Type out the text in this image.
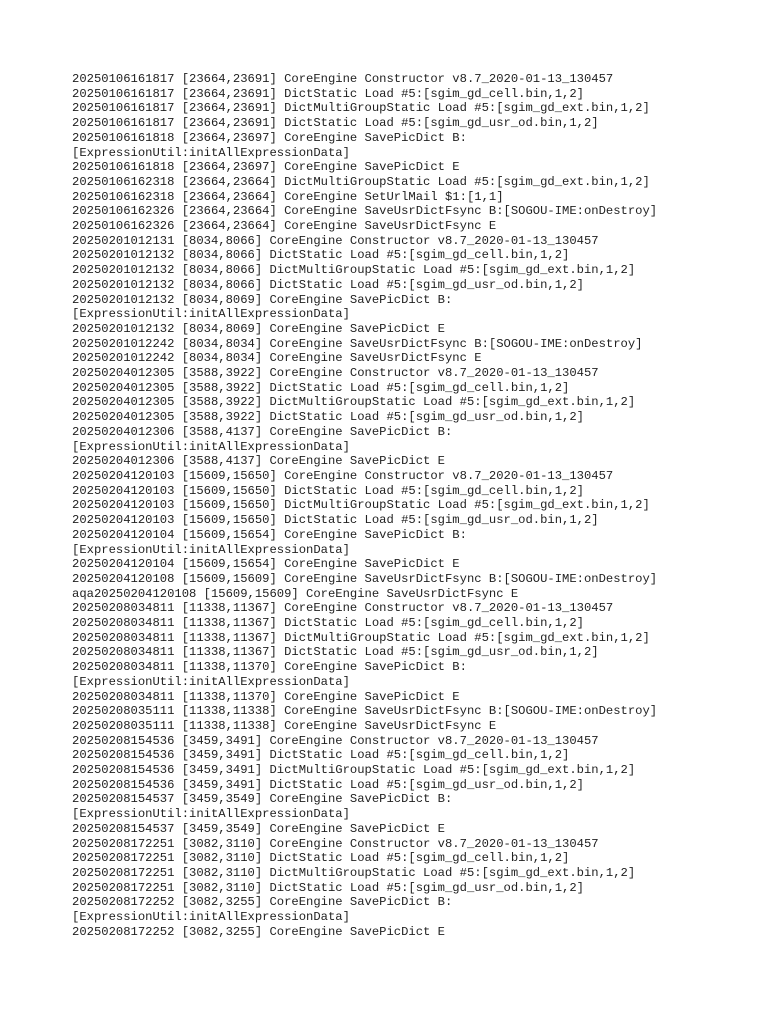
20250106161817 [23664,23691] CoreEngine Constructor v8.7_2020-01-13_130457
20250106161817 [23664,23691] DictStatic Load #5:[sgim_gd_cell.bin,1,2]
20250106161817 [23664,23691] DictMultiGroupStatic Load #5:[sgim_gd_ext.bin,1,2]
20250106161817 [23664,23691] DictStatic Load #5:[sgim_gd_usr_od.bin,1,2]
20250106161818 [23664,23697] CoreEngine SavePicDict B:
[ExpressionUtil:initAllExpressionData]
20250106161818 [23664,23697] CoreEngine SavePicDict E
20250106162318 [23664,23664] DictMultiGroupStatic Load #5:[sgim_gd_ext.bin,1,2]
20250106162318 [23664,23664] CoreEngine SetUrlMail $1:[1,1]
20250106162326 [23664,23664] CoreEngine SaveUsrDictFsync B:[SOGOU-IME:onDestroy]
20250106162326 [23664,23664] CoreEngine SaveUsrDictFsync E
20250201012131 [8034,8066] CoreEngine Constructor v8.7_2020-01-13_130457
20250201012132 [8034,8066] DictStatic Load #5:[sgim_gd_cell.bin,1,2]
20250201012132 [8034,8066] DictMultiGroupStatic Load #5:[sgim_gd_ext.bin,1,2]
20250201012132 [8034,8066] DictStatic Load #5:[sgim_gd_usr_od.bin,1,2]
20250201012132 [8034,8069] CoreEngine SavePicDict B:
[ExpressionUtil:initAllExpressionData]
20250201012132 [8034,8069] CoreEngine SavePicDict E
20250201012242 [8034,8034] CoreEngine SaveUsrDictFsync B:[SOGOU-IME:onDestroy]
20250201012242 [8034,8034] CoreEngine SaveUsrDictFsync E
20250204012305 [3588,3922] CoreEngine Constructor v8.7_2020-01-13_130457
20250204012305 [3588,3922] DictStatic Load #5:[sgim_gd_cell.bin,1,2]
20250204012305 [3588,3922] DictMultiGroupStatic Load #5:[sgim_gd_ext.bin,1,2]
20250204012305 [3588,3922] DictStatic Load #5:[sgim_gd_usr_od.bin,1,2]
20250204012306 [3588,4137] CoreEngine SavePicDict B:
[ExpressionUtil:initAllExpressionData]
20250204012306 [3588,4137] CoreEngine SavePicDict E
20250204120103 [15609,15650] CoreEngine Constructor v8.7_2020-01-13_130457
20250204120103 [15609,15650] DictStatic Load #5:[sgim_gd_cell.bin,1,2]
20250204120103 [15609,15650] DictMultiGroupStatic Load #5:[sgim_gd_ext.bin,1,2]
20250204120103 [15609,15650] DictStatic Load #5:[sgim_gd_usr_od.bin,1,2]
20250204120104 [15609,15654] CoreEngine SavePicDict B:
[ExpressionUtil:initAllExpressionData]
20250204120104 [15609,15654] CoreEngine SavePicDict E
20250204120108 [15609,15609] CoreEngine SaveUsrDictFsync B:[SOGOU-IME:onDestroy]
aqa20250204120108 [15609,15609] CoreEngine SaveUsrDictFsync E
20250208034811 [11338,11367] CoreEngine Constructor v8.7_2020-01-13_130457
20250208034811 [11338,11367] DictStatic Load #5:[sgim_gd_cell.bin,1,2]
20250208034811 [11338,11367] DictMultiGroupStatic Load #5:[sgim_gd_ext.bin,1,2]
20250208034811 [11338,11367] DictStatic Load #5:[sgim_gd_usr_od.bin,1,2]
20250208034811 [11338,11370] CoreEngine SavePicDict B:
[ExpressionUtil:initAllExpressionData]
20250208034811 [11338,11370] CoreEngine SavePicDict E
20250208035111 [11338,11338] CoreEngine SaveUsrDictFsync B:[SOGOU-IME:onDestroy]
20250208035111 [11338,11338] CoreEngine SaveUsrDictFsync E
20250208154536 [3459,3491] CoreEngine Constructor v8.7_2020-01-13_130457
20250208154536 [3459,3491] DictStatic Load #5:[sgim_gd_cell.bin,1,2]
20250208154536 [3459,3491] DictMultiGroupStatic Load #5:[sgim_gd_ext.bin,1,2]
20250208154536 [3459,3491] DictStatic Load #5:[sgim_gd_usr_od.bin,1,2]
20250208154537 [3459,3549] CoreEngine SavePicDict B:
[ExpressionUtil:initAllExpressionData]
20250208154537 [3459,3549] CoreEngine SavePicDict E
20250208172251 [3082,3110] CoreEngine Constructor v8.7_2020-01-13_130457
20250208172251 [3082,3110] DictStatic Load #5:[sgim_gd_cell.bin,1,2]
20250208172251 [3082,3110] DictMultiGroupStatic Load #5:[sgim_gd_ext.bin,1,2]
20250208172251 [3082,3110] DictStatic Load #5:[sgim_gd_usr_od.bin,1,2]
20250208172252 [3082,3255] CoreEngine SavePicDict B:
[ExpressionUtil:initAllExpressionData]
20250208172252 [3082,3255] CoreEngine SavePicDict E
